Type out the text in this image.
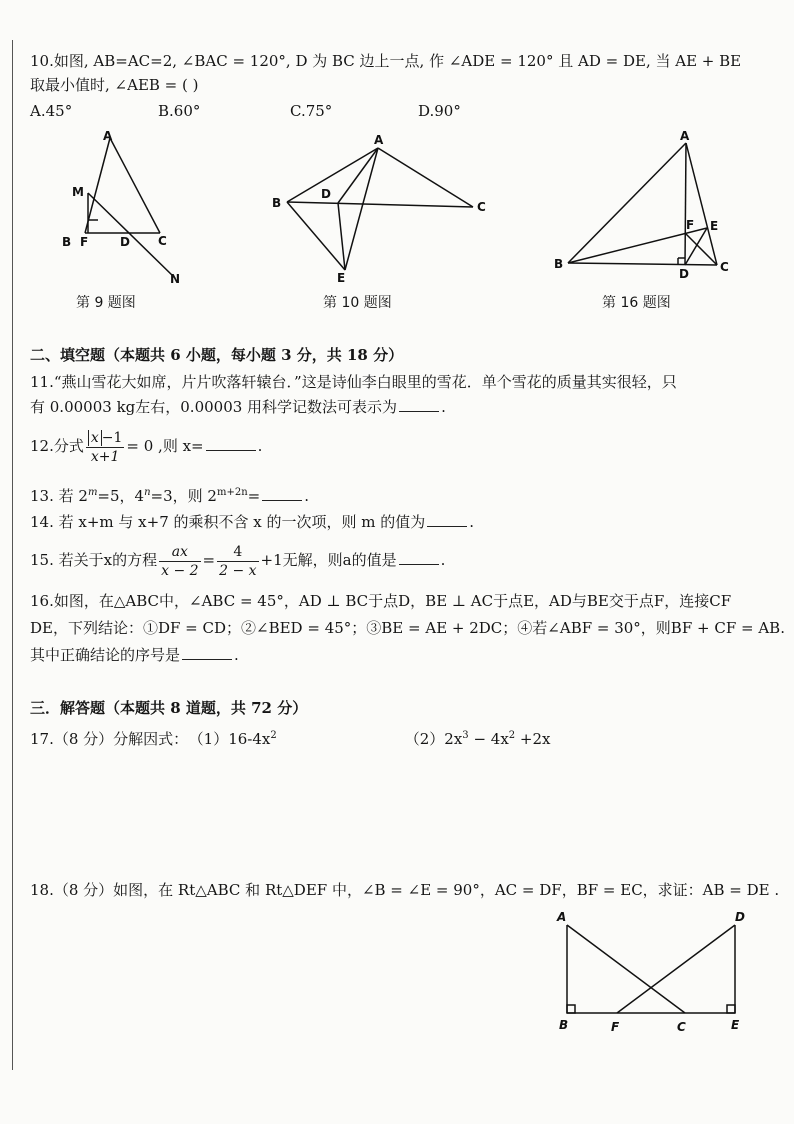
10.如图, AB=AC=2, ∠BAC = 120°, D 为 BC 边上一点, 作 ∠ADE = 120° 且 AD = DE, 当 AE + BE
取最小值时, ∠AEB = ( )
A.45°	B.60°	C.75°	D.90°
A
M
B F	D C
N
第 9 题图
A
B
D
C
E
第 10 题图
A
F E
B
D	C
第 16 题图
二、填空题（本题共 6 小题，每小题 3 分，共 18 分）
11.“燕山雪花大如席，片片吹落轩辕台．”这是诗仙李白眼里的雪花．单个雪花的质量其实很轻，只
有 0.00003 kg左右，0.00003 用科学记数法可表示为	.
12.分式 $\frac{x -1}{x+1} = 0$ ,则 x=	.
13. 若 $2^m=5$，$4^n=3$，则 $2^{m+2n}=$	.
14. 若 x+m 与 x+7 的乘积不含 x 的一次项，则 m 的值为	.
15. 若关于x的方程 $\frac{ax}{x - 2} = \frac{4}{2 - x} +1$无解，则a的值是	.
16.如图，在△ABC中，∠ABC = 45°，AD ⊥ BC于点D，BE ⊥ AC于点E，AD与BE交于点F，连接CF
DE，下列结论：①DF = CD；②∠BED = 45°；③BE = AE + 2DC；④若∠ABF = 30°，则BF + CF = AB.
其中正确结论的序号是	.
三．解答题（本题共 8 道题，共 72 分）
17.（8 分）分解因式： $(1)16-4x^2$	$(2)2x^3 - 4x^2 +2x$
18.（8 分）如图，在 Rt△ABC 和 Rt△DEF 中，∠B = ∠E = 90°，AC = DF，BF = EC，求证：AB = DE .
A	D
B	F	C	E
